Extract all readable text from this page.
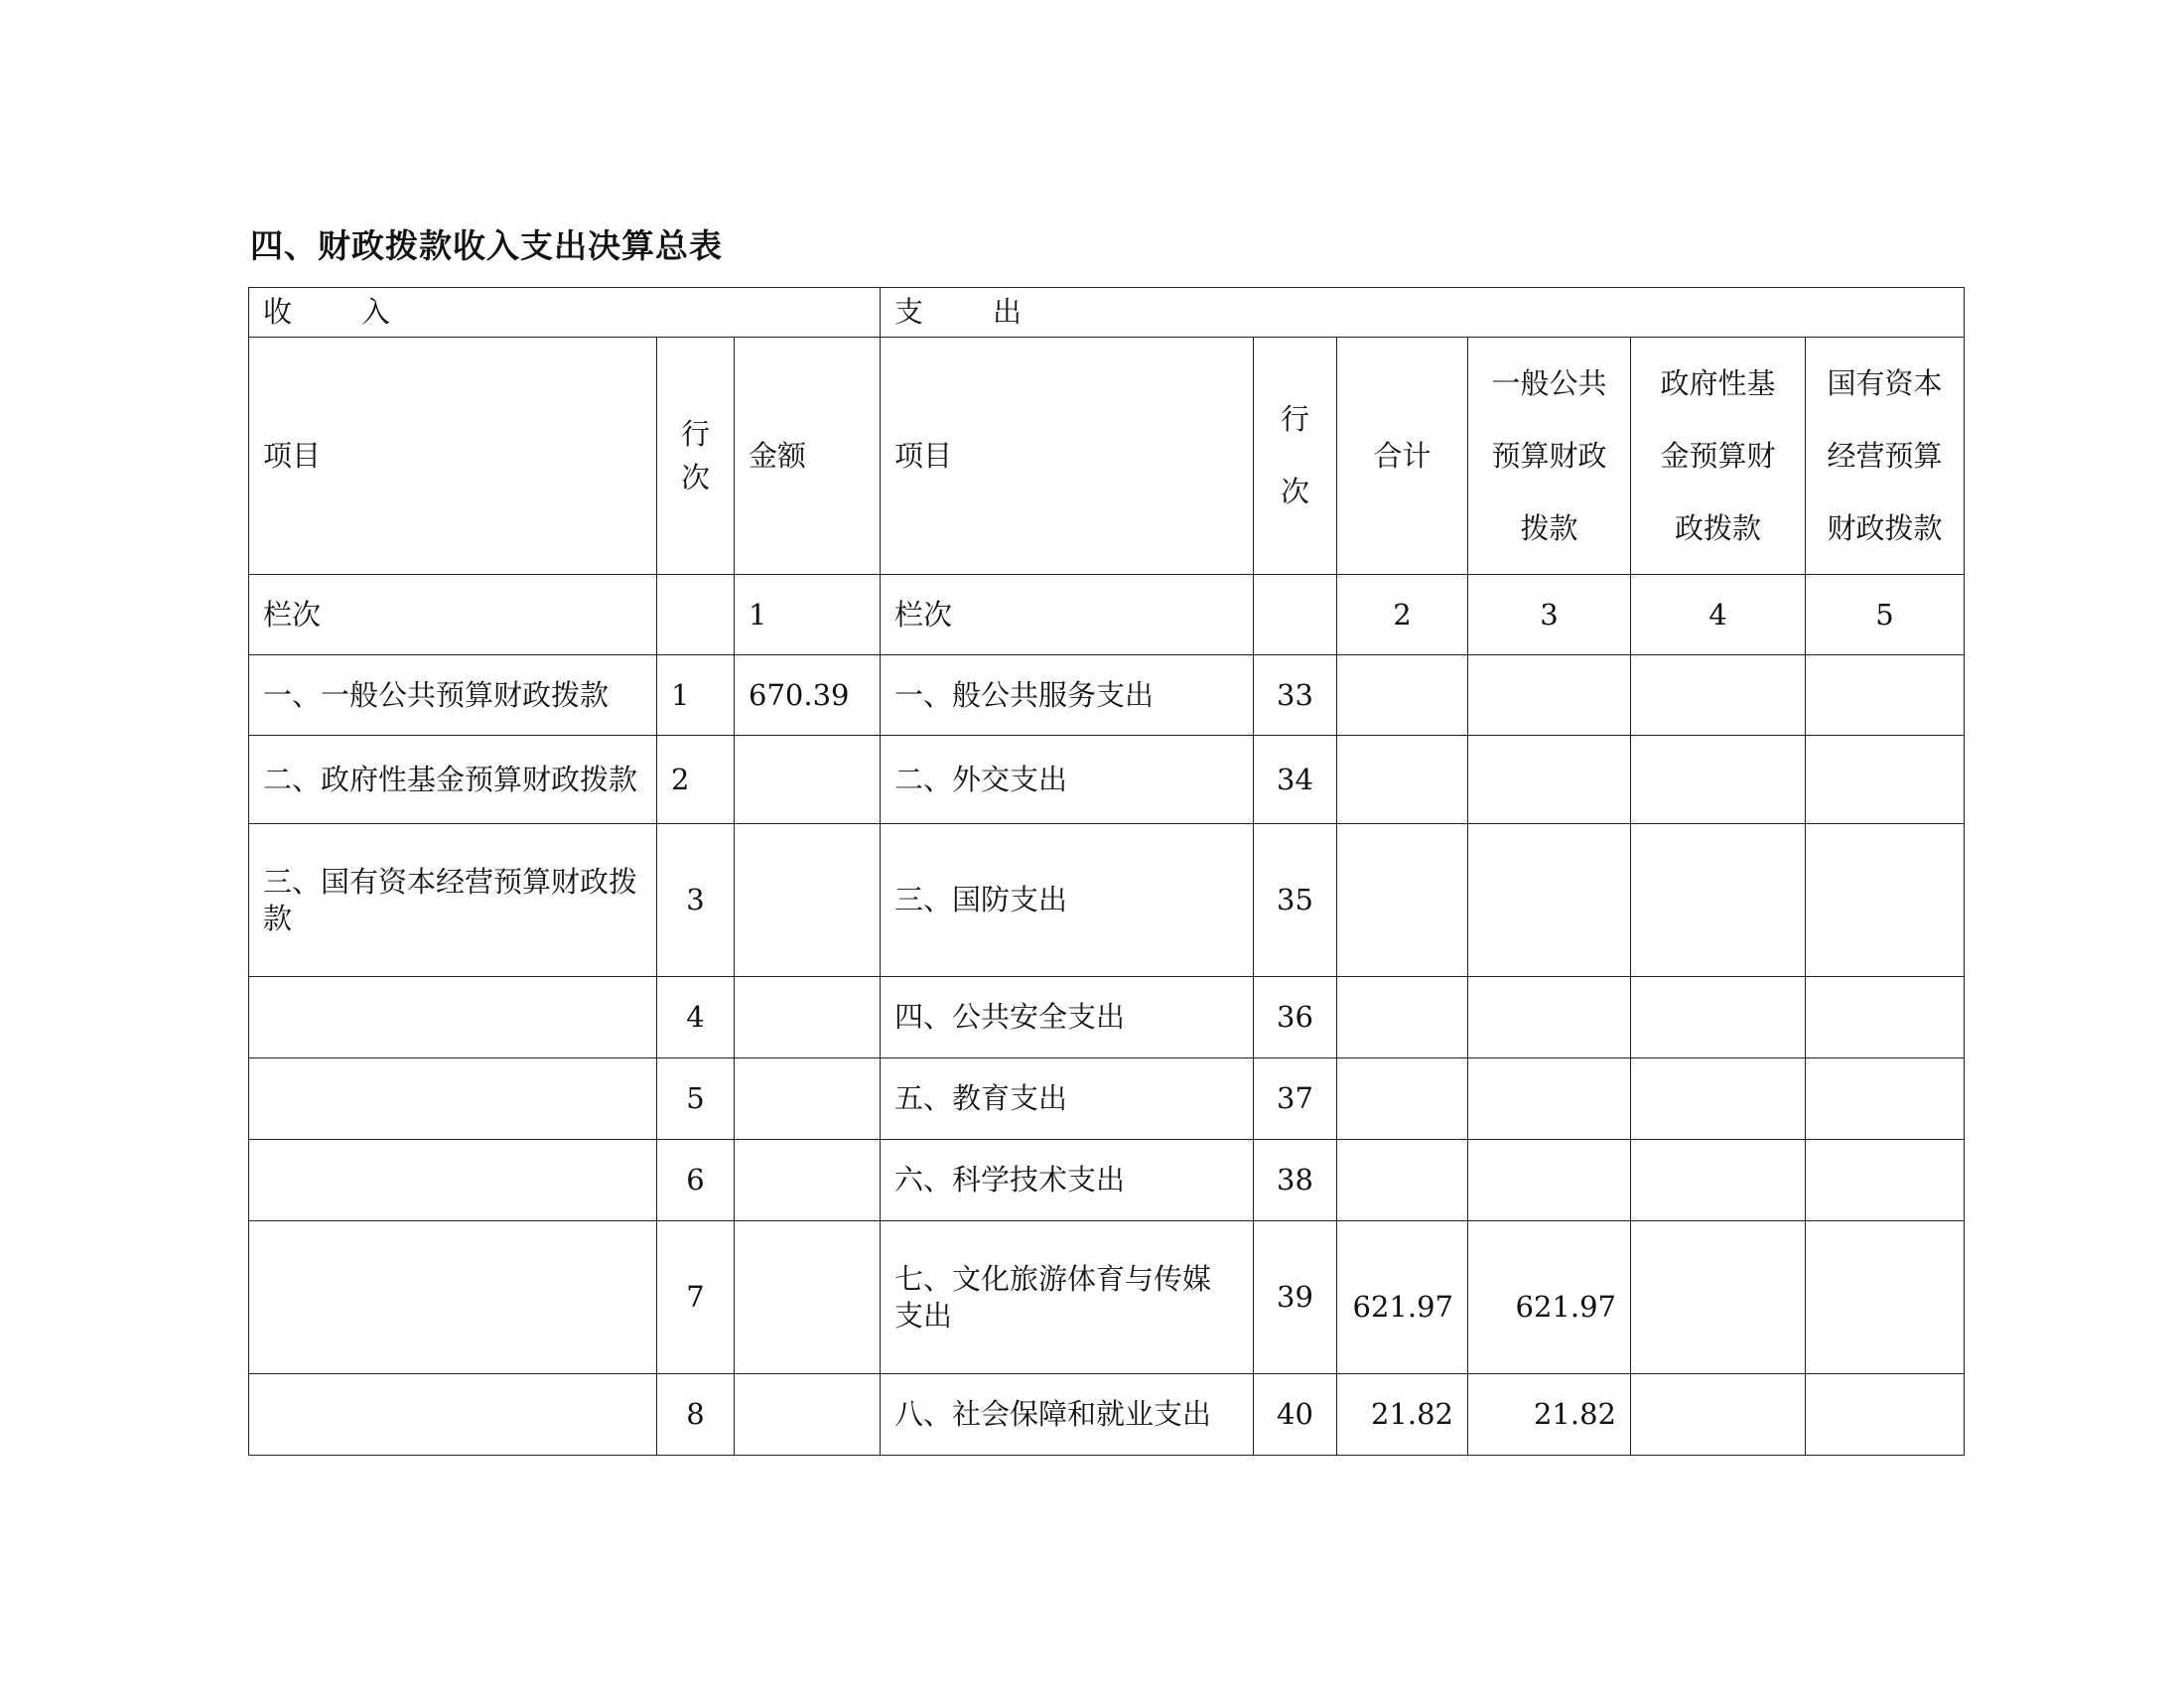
四、财政拨款收入支出决算总表
收 入			支 出					
项目	行次	金额	项目	行次	合计	一般公共预算财政拨款	政府性基金预算财政拨款	国有资本经营预算财政拨款

栏次		1	栏次		2	3	4	5
一、一般公共预算财政拨款	1	670.39	一、般公共服务支出	33				
二、政府性基金预算财政拨款	2		二、外交支出	34				
三、国有资本经营预算财政拨款	3		三、国防支出	35				
	4		四、公共安全支出	36				
	5		五、教育支出	37				
	6		六、科学技术支出	38				
	7		七、文化旅游体育与传媒支出	39	621.97	621.97		
	8		八、社会保障和就业支出	40	21.82	21.82		
